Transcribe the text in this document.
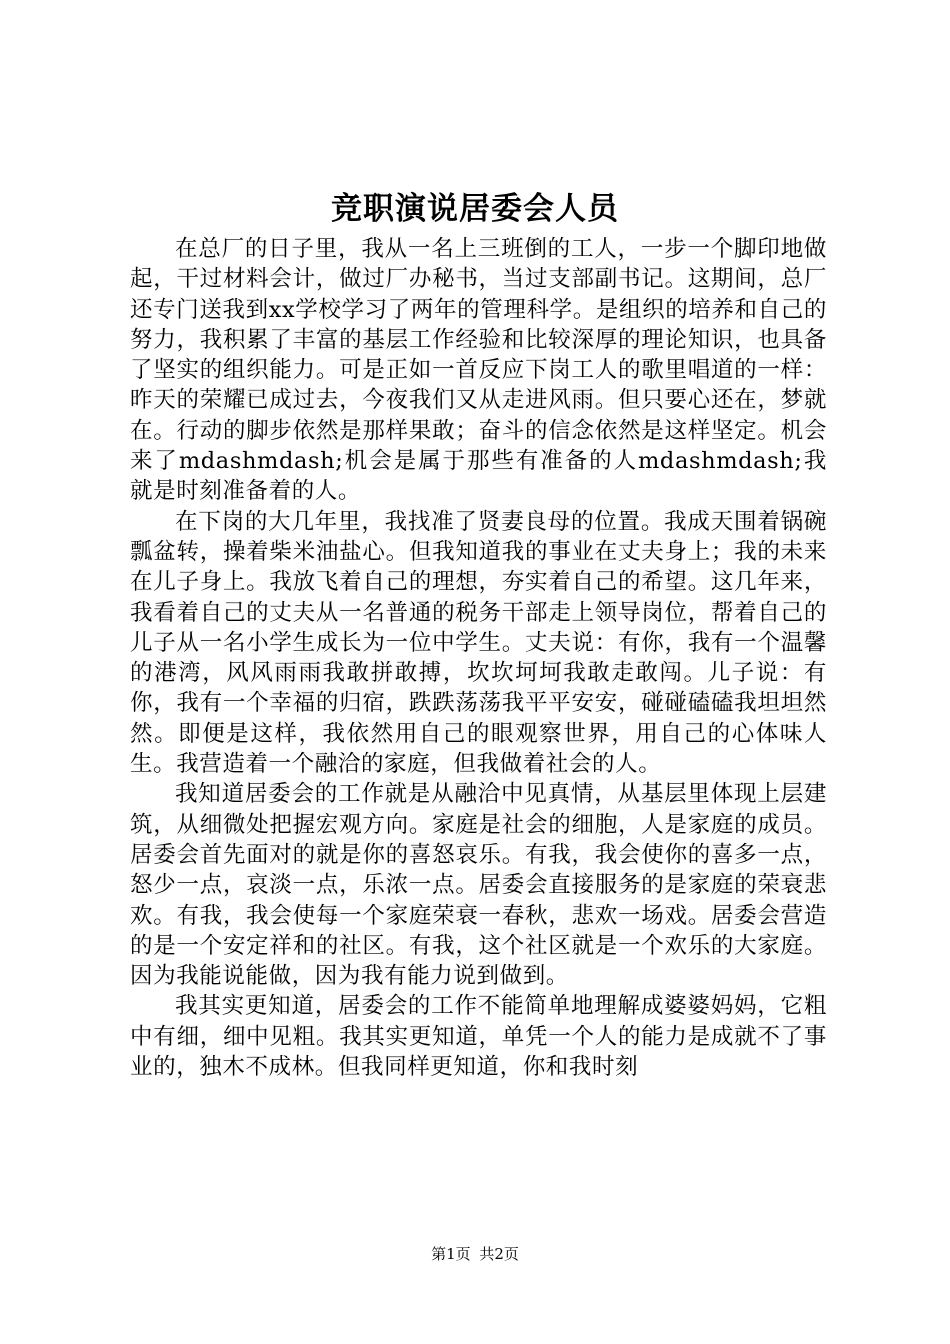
竞职演说居委会人员

在总厂的日子里，我从一名上三班倒的工人，一步一个脚印地做起，干过材料会计，做过厂办秘书，当过支部副书记。这期间，总厂还专门送我到xx学校学习了两年的管理科学。是组织的培养和自己的努力，我积累了丰富的基层工作经验和比较深厚的理论知识，也具备了坚实的组织能力。可是正如一首反应下岗工人的歌里唱道的一样：昨天的荣耀已成过去，今夜我们又从走进风雨。但只要心还在，梦就在。行动的脚步依然是那样果敢；奋斗的信念依然是这样坚定。机会来了mdashmdash;机会是属于那些有准备的人mdashmdash;我就是时刻准备着的人。

在下岗的大几年里，我找准了贤妻良母的位置。我成天围着锅碗瓢盆转，操着柴米油盐心。但我知道我的事业在丈夫身上；我的未来在儿子身上。我放飞着自己的理想，夯实着自己的希望。这几年来，我看着自己的丈夫从一名普通的税务干部走上领导岗位，帮着自己的儿子从一名小学生成长为一位中学生。丈夫说：有你，我有一个温馨的港湾，风风雨雨我敢拼敢搏，坎坎坷坷我敢走敢闯。儿子说：有你，我有一个幸福的归宿，跌跌荡荡我平平安安，碰碰磕磕我坦坦然然。即便是这样，我依然用自己的眼观察世界，用自己的心体味人生。我营造着一个融洽的家庭，但我做着社会的人。

我知道居委会的工作就是从融洽中见真情，从基层里体现上层建筑，从细微处把握宏观方向。家庭是社会的细胞，人是家庭的成员。居委会首先面对的就是你的喜怒哀乐。有我，我会使你的喜多一点，怒少一点，哀淡一点，乐浓一点。居委会直接服务的是家庭的荣衰悲欢。有我，我会使每一个家庭荣衰一春秋，悲欢一场戏。居委会营造的是一个安定祥和的社区。有我，这个社区就是一个欢乐的大家庭。因为我能说能做，因为我有能力说到做到。

我其实更知道，居委会的工作不能简单地理解成婆婆妈妈，它粗中有细，细中见粗。我其实更知道，单凭一个人的能力是成就不了事业的，独木不成林。但我同样更知道，你和我时刻

第1页 共2页
